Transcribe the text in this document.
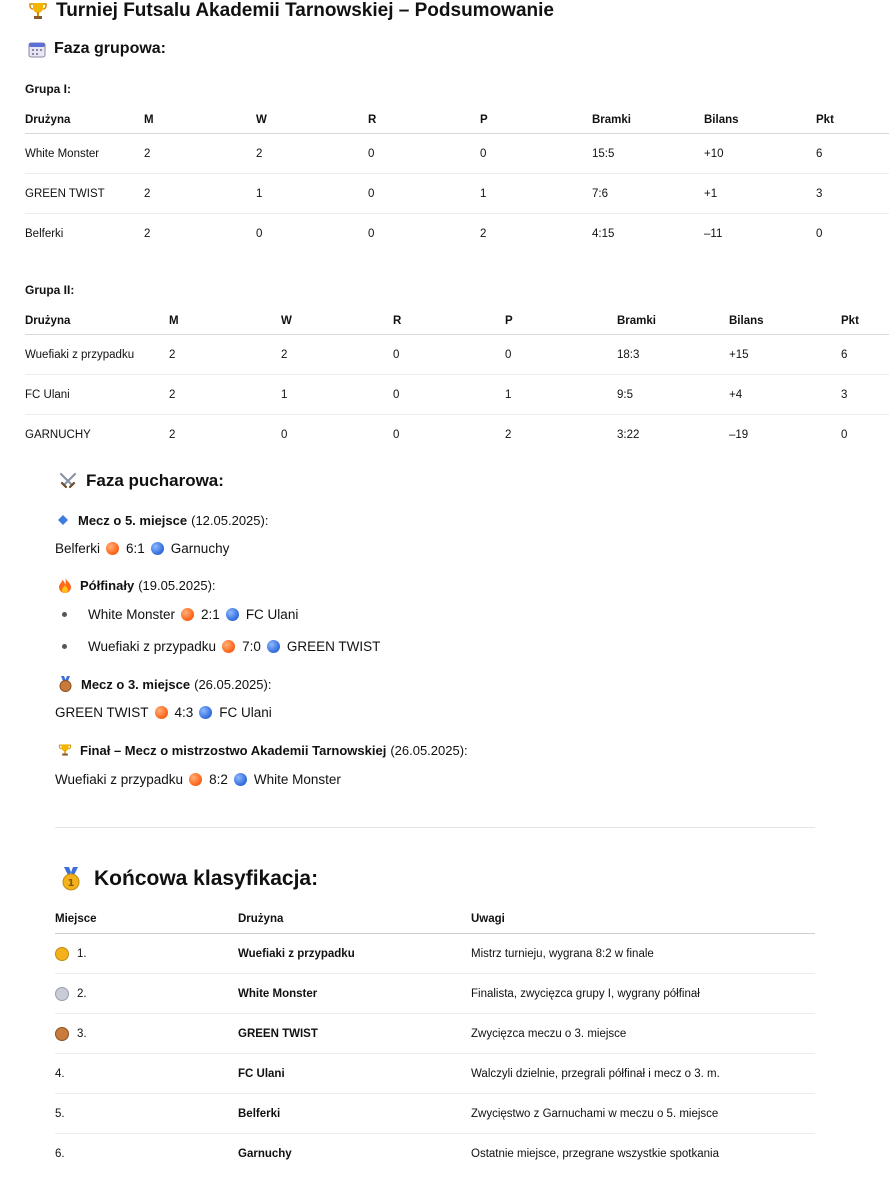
Turniej Futsalu Akademii Tarnowskiej – Podsumowanie
Faza grupowa:
Grupa I:
Drużyna	M	W	R	P	Bramki	Bilans	Pkt
White Monster	2	2	0	0	15:5	+10	6
GREEN TWIST	2	1	0	1	7:6	+1	3
Belferki	2	0	0	2	4:15	–11	0
Grupa II:
Drużyna	M	W	R	P	Bramki	Bilans	Pkt
Wuefiaki z przypadku	2	2	0	0	18:3	+15	6
FC Ulani	2	1	0	1	9:5	+4	3
GARNUCHY	2	0	0	2	3:22	–19	0
Faza pucharowa:
Mecz o 5. miejsce (12.05.2025):
Belferki 6:1 Garnuchy
Półfinały (19.05.2025):
White Monster 2:1 FC Ulani
Wuefiaki z przypadku 7:0 GREEN TWIST
Mecz o 3. miejsce (26.05.2025):
GREEN TWIST 4:3 FC Ulani
Finał – Mecz o mistrzostwo Akademii Tarnowskiej (26.05.2025):
Wuefiaki z przypadku 8:2 White Monster
1 Końcowa klasyfikacja:
Miejsce	Drużyna	Uwagi
1.	Wuefiaki z przypadku	Mistrz turnieju, wygrana 8:2 w finale
2.	White Monster	Finalista, zwycięzca grupy I, wygrany półfinał
3.	GREEN TWIST	Zwycięzca meczu o 3. miejsce
4.	FC Ulani	Walczyli dzielnie, przegrali półfinał i mecz o 3. m.
5.	Belferki	Zwycięstwo z Garnuchami w meczu o 5. miejsce
6.	Garnuchy	Ostatnie miejsce, przegrane wszystkie spotkania
